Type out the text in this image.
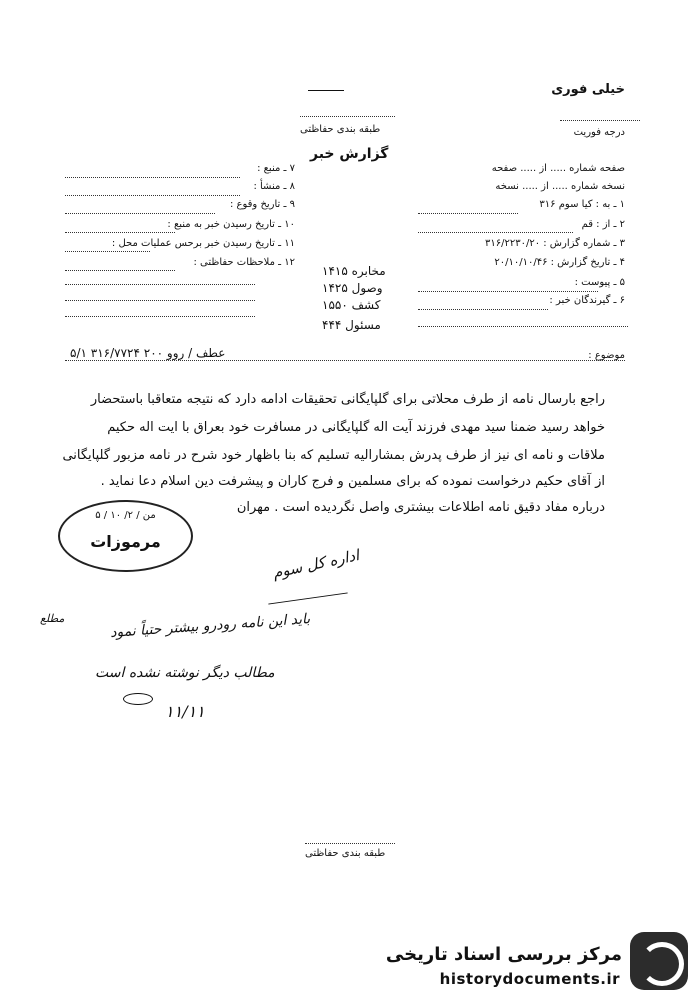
خیلی فوری
طبقه بندی حفاظتی	درجه فوریت
گزارش خبر
۷ ـ منبع :
۸ ـ منشأ :
۹ ـ تاریخ وقوع :
۱۰ ـ تاریخ رسیدن خبر به منبع :
۱۱ ـ تاریخ رسیدن خبر برحس عملیات محل :
۱۲ ـ ملاحظات حفاظتی :
مخابره ۱۴۱۵
وصول ۱۴۲۵
کشف ۱۵۵۰
مسئول ۴۴۴
صفحه شماره ..... از ..... صفحه
نسخه شماره ..... از ..... نسخه
۱ ـ به : کیا سوم ۳۱۶
۲ ـ از : قم
۳ ـ شماره گزارش : ۳۱۶/۲۲۳۰/۲۰
۴ ـ تاریخ گزارش : ۲۰/۱۰/۱۰/۴۶
۵ ـ پیوست :
۶ ـ گیرندگان خبر :
موضوع :
عطف / روو ۲۰۰ ۳۱۶/۷۷۲۴ ۵/۱
راجع بارسال نامه از طرف محلاتی برای گلپایگانی تحقیقات ادامه دارد که نتیجه متعاقبا باستحضار
خواهد رسید ضمنا سید مهدی فرزند آیت اله گلپایگانی در مسافرت خود بعراق با ایت اله حکیم
ملاقات و نامه ای نیز از طرف پدرش بمشارالیه تسلیم که بنا باظهار خود شرح در نامه مزبور گلپایگانی
از آقای حکیم درخواست نموده که برای مسلمین و فرج کاران و پیشرفت دین اسلام دعا نماید .
درباره مفاد دقیق نامه اطلاعات بیشتری واصل نگردیده است . مهران
من / ۲/ ۱۰ / ۵
مرموزات
اداره کل سوم
باید این نامه رودرو بیشتر حتیاً نمود
مطلع
مطالب دیگر نوشته نشده است
۱۱/۱۱
طبقه بندی حفاظتی
مرکز بررسی اسناد تاریخی
historydocuments.ir
